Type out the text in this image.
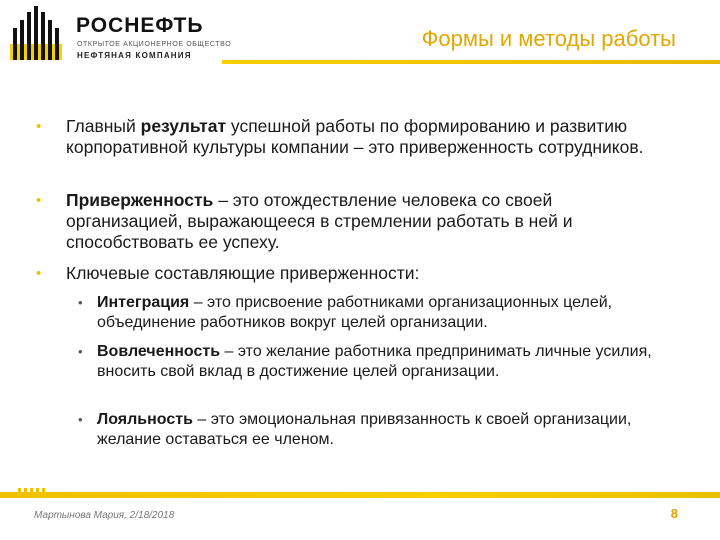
РОСНЕФТЬ
ОТКРЫТОЕ АКЦИОНЕРНОЕ ОБЩЕСТВО
НЕФТЯНАЯ КОМПАНИЯ
Формы и методы работы
• Главный результат успешной работы по формированию и развитию корпоративной культуры компании – это приверженность сотрудников.
• Приверженность – это отождествление человека со своей организацией, выражающееся в стремлении работать в ней и способствовать ее успеху.
• Ключевые составляющие приверженности:
• Интеграция – это присвоение работниками организационных целей, объединение работников вокруг целей организации.
• Вовлеченность – это желание работника предпринимать личные усилия, вносить свой вклад в достижение целей организации.
• Лояльность – это эмоциональная привязанность к своей организации, желание оставаться ее членом.
Мартынова Мария, 2/18/2018	8
